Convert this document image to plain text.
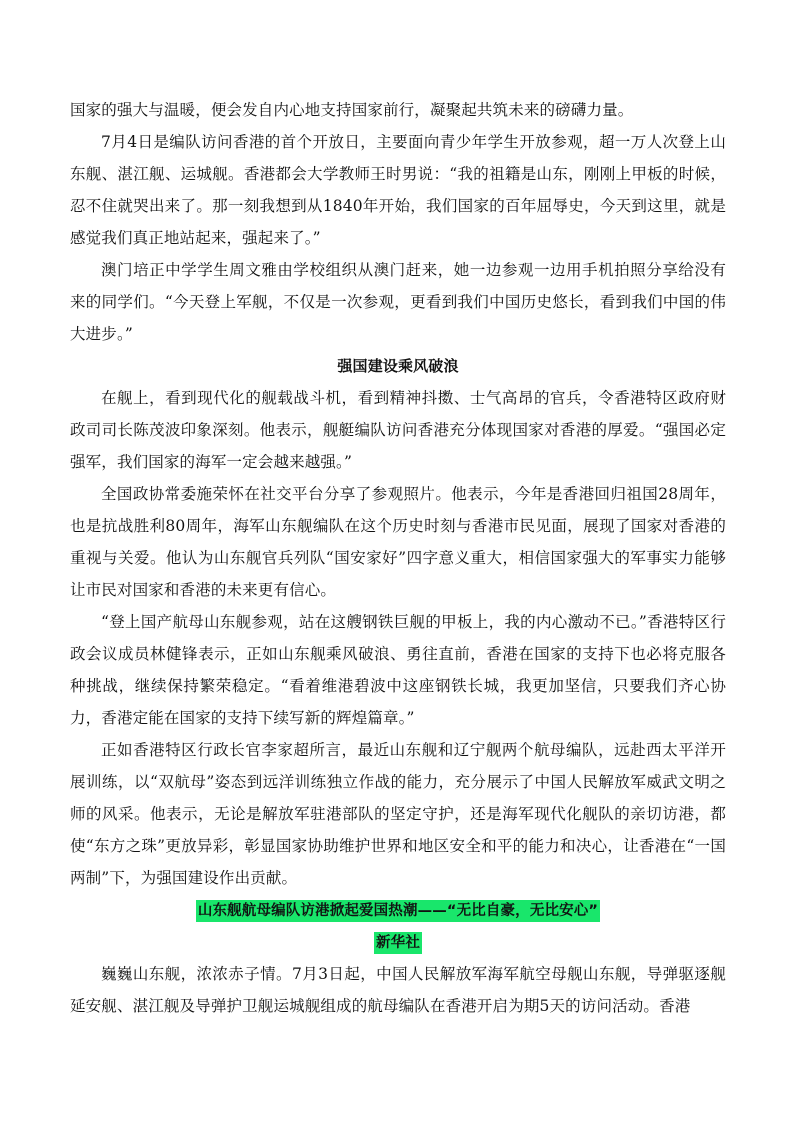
国家的强大与温暖，便会发自内心地支持国家前行，凝聚起共筑未来的磅礴力量。

7月4日是编队访问香港的首个开放日，主要面向青少年学生开放参观，超一万人次登上山东舰、湛江舰、运城舰。香港都会大学教师王时男说：“我的祖籍是山东，刚刚上甲板的时候，忍不住就哭出来了。那一刻我想到从1840年开始，我们国家的百年屈辱史，今天到这里，就是感觉我们真正地站起来，强起来了。”

澳门培正中学学生周文雅由学校组织从澳门赶来，她一边参观一边用手机拍照分享给没有来的同学们。“今天登上军舰，不仅是一次参观，更看到我们中国历史悠长，看到我们中国的伟大进步。”

强国建设乘风破浪

在舰上，看到现代化的舰载战斗机，看到精神抖擞、士气高昂的官兵，令香港特区政府财政司司长陈茂波印象深刻。他表示，舰艇编队访问香港充分体现国家对香港的厚爱。“强国必定强军，我们国家的海军一定会越来越强。”

全国政协常委施荣怀在社交平台分享了参观照片。他表示，今年是香港回归祖国28周年，也是抗战胜利80周年，海军山东舰编队在这个历史时刻与香港市民见面，展现了国家对香港的重视与关爱。他认为山东舰官兵列队“国安家好”四字意义重大，相信国家强大的军事实力能够让市民对国家和香港的未来更有信心。

“登上国产航母山东舰参观，站在这艘钢铁巨舰的甲板上，我的内心激动不已。”香港特区行政会议成员林健锋表示，正如山东舰乘风破浪、勇往直前，香港在国家的支持下也必将克服各种挑战，继续保持繁荣稳定。“看着维港碧波中这座钢铁长城，我更加坚信，只要我们齐心协力，香港定能在国家的支持下续写新的辉煌篇章。”

正如香港特区行政长官李家超所言，最近山东舰和辽宁舰两个航母编队，远赴西太平洋开展训练，以“双航母”姿态到远洋训练独立作战的能力，充分展示了中国人民解放军威武文明之师的风采。他表示，无论是解放军驻港部队的坚定守护，还是海军现代化舰队的亲切访港，都使“东方之珠”更放异彩，彰显国家协助维护世界和地区安全和平的能力和决心，让香港在“一国两制”下，为强国建设作出贡献。

山东舰航母编队访港掀起爱国热潮——“无比自豪，无比安心”

新华社

巍巍山东舰，浓浓赤子情。7月3日起，中国人民解放军海军航空母舰山东舰，导弹驱逐舰延安舰、湛江舰及导弹护卫舰运城舰组成的航母编队在香港开启为期5天的访问活动。香港
